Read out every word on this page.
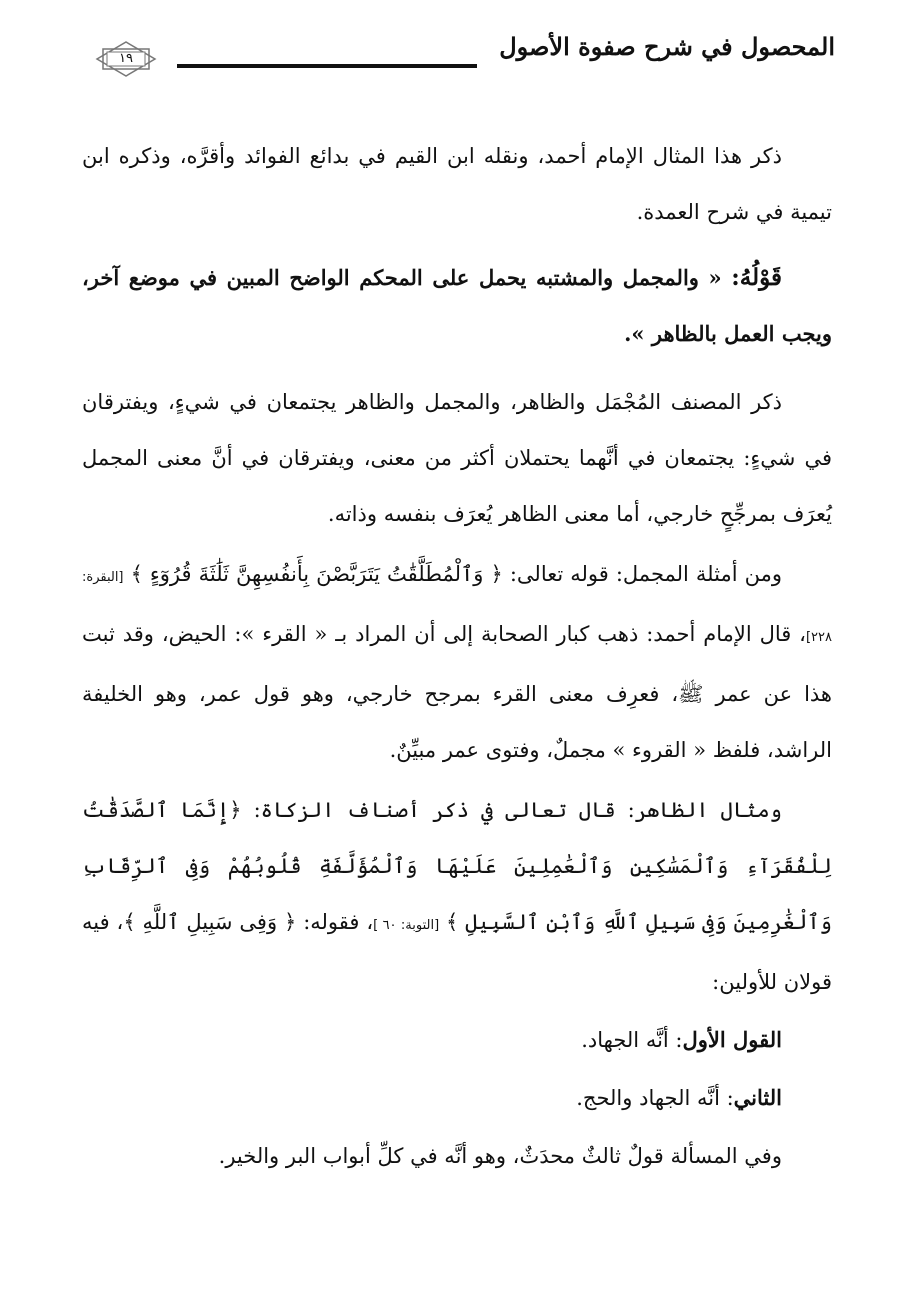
المحصول في شرح صفوة الأصول
١٩

ذكر هذا المثال الإمام أحمد، ونقله ابن القيم في بدائع الفوائد وأقرَّه، وذكره ابن تيمية في شرح العمدة.

قَوْلُهُ: « والمجمل والمشتبه يحمل على المحكم الواضح المبين في موضع آخر، ويجب العمل بالظاهر ».

ذكر المصنف المُجْمَل والظاهر، والمجمل والظاهر يجتمعان في شيءٍ، ويفترقان في شيءٍ: يجتمعان في أنَّهما يحتملان أكثر من معنى، ويفترقان في أنَّ معنى المجمل يُعرَف بمرجِّحٍ خارجي، أما معنى الظاهر يُعرَف بنفسه وذاته.

ومن أمثلة المجمل: قوله تعالى: ﴿ وَٱلْمُطَلَّقَٰتُ يَتَرَبَّصْنَ بِأَنفُسِهِنَّ ثَلَٰثَةَ قُرُوٓءٍ ﴾ [البقرة: ٢٢٨]، قال الإمام أحمد: ذهب كبار الصحابة إلى أن المراد بـ « القرء »: الحيض، وقد ثبت هذا عن عمر ﷺ، فعرِف معنى القرء بمرجح خارجي، وهو قول عمر، وهو الخليفة الراشد، فلفظ « القروء » مجملٌ، وفتوى عمر مبيِّنٌ.

ومثال الظاهر: قال تعالى في ذكر أصناف الزكاة: ﴿إِنَّمَا ٱلصَّدَقَٰتُ لِلْفُقَرَآءِ وَٱلْمَسَٰكِينِ وَٱلْعَٰمِلِينَ عَلَيْهَا وَٱلْمُؤَلَّفَةِ قُلُوبُهُمْ وَفِى ٱلرِّقَابِ وَٱلْغَٰرِمِينَ وَفِى سَبِيلِ ٱللَّهِ وَٱبْنِ ٱلسَّبِيلِ ﴾ [التوبة: ٦٠ ]، فقوله: ﴿ وَفِى سَبِيلِ ٱللَّهِ ﴾، فيه قولان للأولين:

القول الأول: أنَّه الجهاد.

الثاني: أنَّه الجهاد والحج.

وفي المسألة قولٌ ثالثٌ محدَثٌ، وهو أنَّه في كلِّ أبواب البر والخير.
